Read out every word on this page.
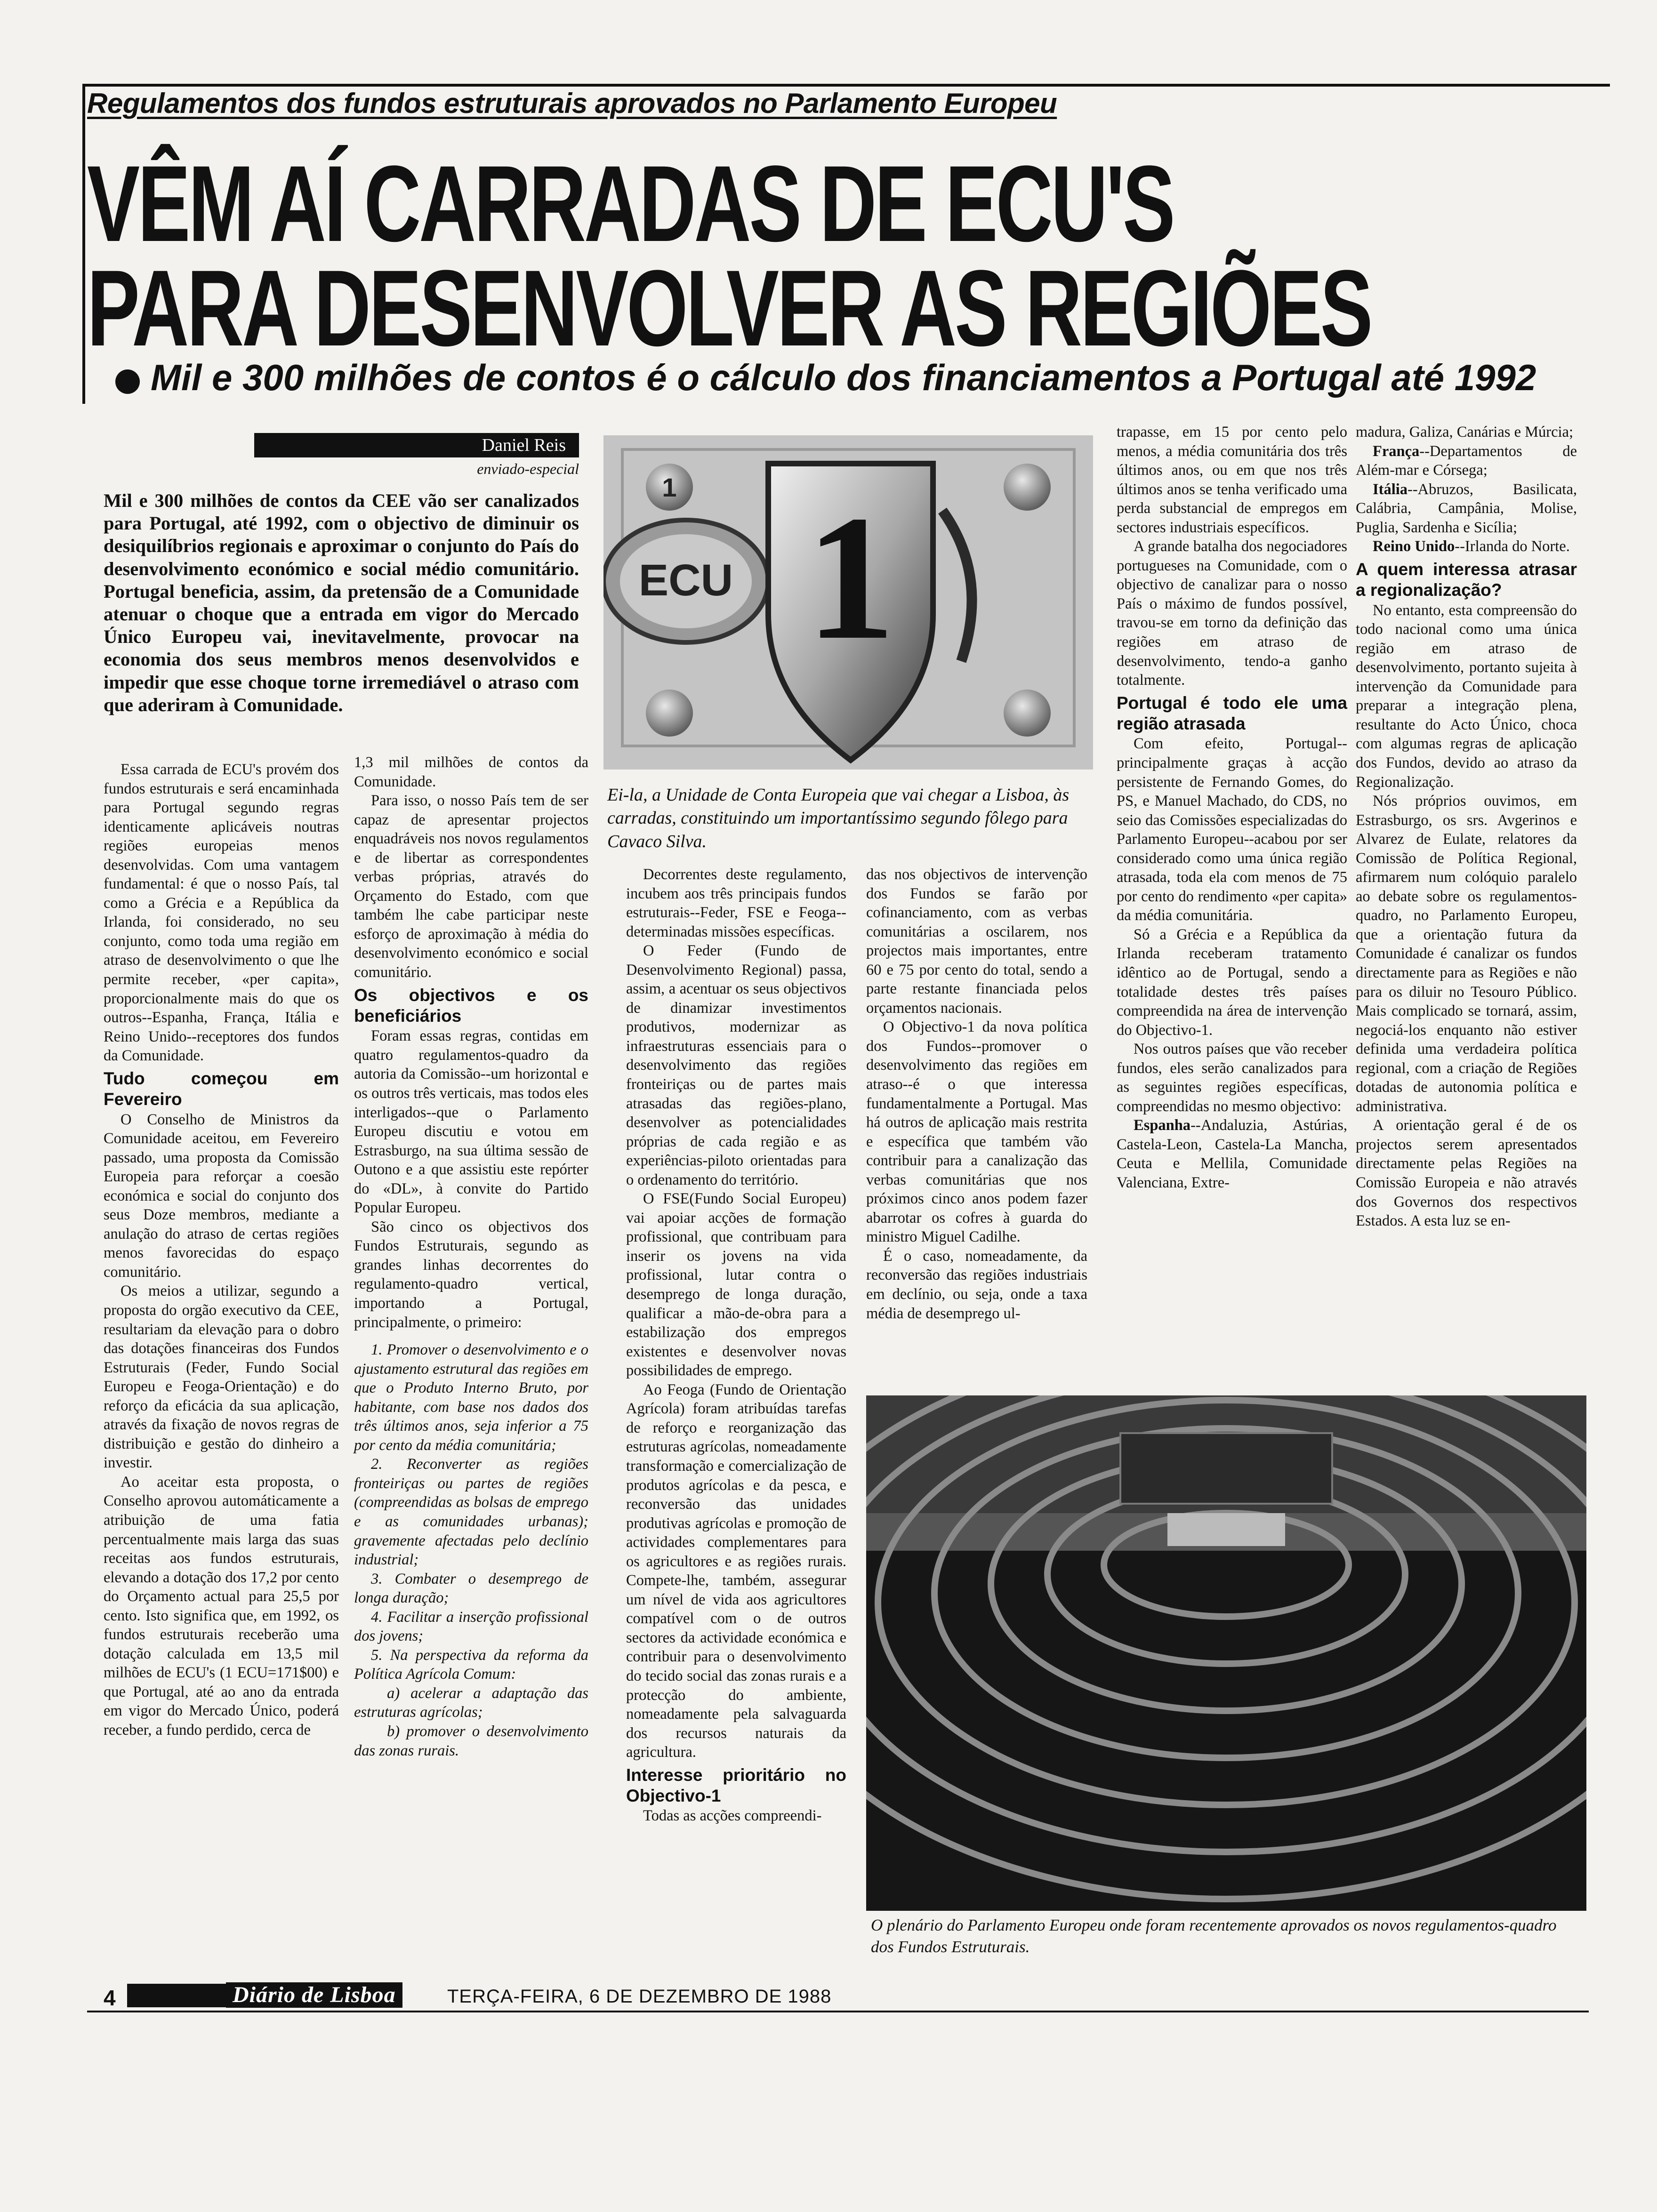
Regulamentos dos fundos estruturais aprovados no Parlamento Europeu
VÊM AÍ CARRADAS DE ECU'S
PARA DESENVOLVER AS REGIÕES
Mil e 300 milhões de contos é o cálculo dos financiamentos a Portugal até 1992
Daniel Reis
enviado-especial
Mil e 300 milhões de contos da CEE vão ser canalizados para Portugal, até 1992, com o objectivo de diminuir os desiquilíbrios regionais e aproximar o conjunto do País do desenvolvimento económico e social médio comunitário. Portugal beneficia, assim, da pretensão de a Comunidade atenuar o choque que a entrada em vigor do Mercado Único Europeu vai, inevitavelmente, provocar na economia dos seus membros menos desenvolvidos e impedir que esse choque torne irremediável o atraso com que aderiram à Comunidade.

Essa carrada de ECU's provém dos fundos estruturais e será encaminhada para Portugal segundo regras identicamente aplicáveis noutras regiões europeias menos desenvolvidas. Com uma vantagem fundamental: é que o nosso País, tal como a Grécia e a República da Irlanda, foi considerado, no seu conjunto, como toda uma região em atraso de desenvolvimento o que lhe permite receber, «per capita», proporcionalmente mais do que os outros--Espanha, França, Itália e Reino Unido--receptores dos fundos da Comunidade.

Tudo começou em Fevereiro

O Conselho de Ministros da Comunidade aceitou, em Fevereiro passado, uma proposta da Comissão Europeia para reforçar a coesão económica e social do conjunto dos seus Doze membros, mediante a anulação do atraso de certas regiões menos favorecidas do espaço comunitário.

Os meios a utilizar, segundo a proposta do orgão executivo da CEE, resultariam da elevação para o dobro das dotações financeiras dos Fundos Estruturais (Feder, Fundo Social Europeu e Feoga-Orientação) e do reforço da eficácia da sua aplicação, através da fixação de novos regras de distribuição e gestão do dinheiro a investir.

Ao aceitar esta proposta, o Conselho aprovou automáticamente a atribuição de uma fatia percentualmente mais larga das suas receitas aos fundos estruturais, elevando a dotação dos 17,2 por cento do Orçamento actual para 25,5 por cento. Isto significa que, em 1992, os fundos estruturais receberão uma dotação calculada em 13,5 mil milhões de ECU's (1 ECU=171$00) e que Portugal, até ao ano da entrada em vigor do Mercado Único, poderá receber, a fundo perdido, cerca de

1,3 mil milhões de contos da Comunidade.

Para isso, o nosso País tem de ser capaz de apresentar projectos enquadráveis nos novos regulamentos e de libertar as correspondentes verbas próprias, através do Orçamento do Estado, com que também lhe cabe participar neste esforço de aproximação à média do desenvolvimento económico e social comunitário.

Os objectivos e os beneficiários

Foram essas regras, contidas em quatro regulamentos-quadro da autoria da Comissão--um horizontal e os outros três verticais, mas todos eles interligados--que o Parlamento Europeu discutiu e votou em Estrasburgo, na sua última sessão de Outono e a que assistiu este repórter do «DL», à convite do Partido Popular Europeu.

São cinco os objectivos dos Fundos Estruturais, segundo as grandes linhas decorrentes do regulamento-quadro vertical, importando a Portugal, principalmente, o primeiro:

1. Promover o desenvolvimento e o ajustamento estrutural das regiões em que o Produto Interno Bruto, por habitante, com base nos dados dos três últimos anos, seja inferior a 75 por cento da média comunitária;

2. Reconverter as regiões fronteiriças ou partes de regiões (compreendidas as bolsas de emprego e as comunidades urbanas); gravemente afectadas pelo declínio industrial;

3. Combater o desemprego de longa duração;

4. Facilitar a inserção profissional dos jovens;

5. Na perspectiva da reforma da Política Agrícola Comum:

a) acelerar a adaptação das estruturas agrícolas;

b) promover o desenvolvimento das zonas rurais.

ECU 1
1
Ei-la, a Unidade de Conta Europeia que vai chegar a Lisboa, às carradas, constituindo um importantíssimo segundo fôlego para Cavaco Silva.

Decorrentes deste regulamento, incubem aos três principais fundos estruturais--Feder, FSE e Feoga--determinadas missões específicas.

O Feder (Fundo de Desenvolvimento Regional) passa, assim, a acentuar os seus objectivos de dinamizar investimentos produtivos, modernizar as infraestruturas essenciais para o desenvolvimento das regiões fronteiriças ou de partes mais atrasadas das regiões-plano, desenvolver as potencialidades próprias de cada região e as experiências-piloto orientadas para o ordenamento do território.

O FSE(Fundo Social Europeu) vai apoiar acções de formação profissional, que contribuam para inserir os jovens na vida profissional, lutar contra o desemprego de longa duração, qualificar a mão-de-obra para a estabilização dos empregos existentes e desenvolver novas possibilidades de emprego.

Ao Feoga (Fundo de Orientação Agrícola) foram atribuídas tarefas de reforço e reorganização das estruturas agrícolas, nomeadamente transformação e comercialização de produtos agrícolas e da pesca, e reconversão das unidades produtivas agrícolas e promoção de actividades complementares para os agricultores e as regiões rurais. Compete-lhe, também, assegurar um nível de vida aos agricultores compatível com o de outros sectores da actividade económica e contribuir para o desenvolvimento do tecido social das zonas rurais e a protecção do ambiente, nomeadamente pela salvaguarda dos recursos naturais da agricultura.

Interesse prioritário no Objectivo-1

Todas as acções compreendi-

das nos objectivos de intervenção dos Fundos se farão por cofinanciamento, com as verbas comunitárias a oscilarem, nos projectos mais importantes, entre 60 e 75 por cento do total, sendo a parte restante financiada pelos orçamentos nacionais.

O Objectivo-1 da nova política dos Fundos--promover o desenvolvimento das regiões em atraso--é o que interessa fundamentalmente a Portugal. Mas há outros de aplicação mais restrita e específica que também vão contribuir para a canalização das verbas comunitárias que nos próximos cinco anos podem fazer abarrotar os cofres à guarda do ministro Miguel Cadilhe.

É o caso, nomeadamente, da reconversão das regiões industriais em declínio, ou seja, onde a taxa média de desemprego ul-

trapasse, em 15 por cento pelo menos, a média comunitária dos três últimos anos, ou em que nos três últimos anos se tenha verificado uma perda substancial de empregos em sectores industriais específicos.

A grande batalha dos negociadores portugueses na Comunidade, com o objectivo de canalizar para o nosso País o máximo de fundos possível, travou-se em torno da definição das regiões em atraso de desenvolvimento, tendo-a ganho totalmente.

Portugal é todo ele uma região atrasada

Com efeito, Portugal--principalmente graças à acção persistente de Fernando Gomes, do PS, e Manuel Machado, do CDS, no seio das Comissões especializadas do Parlamento Europeu--acabou por ser considerado como uma única região atrasada, toda ela com menos de 75 por cento do rendimento «per capita» da média comunitária.

Só a Grécia e a República da Irlanda receberam tratamento idêntico ao de Portugal, sendo a totalidade destes três países compreendida na área de intervenção do Objectivo-1.

Nos outros países que vão receber fundos, eles serão canalizados para as seguintes regiões específicas, compreendidas no mesmo objectivo:

Espanha--Andaluzia, Astúrias, Castela-Leon, Castela-La Mancha, Ceuta e Mellila, Comunidade Valenciana, Extre-

madura, Galiza, Canárias e Múrcia;

França--Departamentos de Além-mar e Córsega;

Itália--Abruzos, Basilicata, Calábria, Campânia, Molise, Puglia, Sardenha e Sicília;

Reino Unido--Irlanda do Norte.

A quem interessa atrasar a regionalização?

No entanto, esta compreensão do todo nacional como uma única região em atraso de desenvolvimento, portanto sujeita à intervenção da Comunidade para preparar a integração plena, resultante do Acto Único, choca com algumas regras de aplicação dos Fundos, devido ao atraso da Regionalização.

Nós próprios ouvimos, em Estrasburgo, os srs. Avgerinos e Alvarez de Eulate, relatores da Comissão de Política Regional, afirmarem num colóquio paralelo ao debate sobre os regulamentos-quadro, no Parlamento Europeu, que a orientação futura da Comunidade é canalizar os fundos directamente para as Regiões e não para os diluir no Tesouro Público. Mais complicado se tornará, assim, negociá-los enquanto não estiver definida uma verdadeira política regional, com a criação de Regiões dotadas de autonomia política e administrativa.

A orientação geral é de os projectos serem apresentados directamente pelas Regiões na Comissão Europeia e não através dos Governos dos respectivos Estados. A esta luz se en-

O plenário do Parlamento Europeu onde foram recentemente aprovados os novos regulamentos-quadro dos Fundos Estruturais.
4	Diário de Lisboa	TERÇA-FEIRA, 6 DE DEZEMBRO DE 1988
